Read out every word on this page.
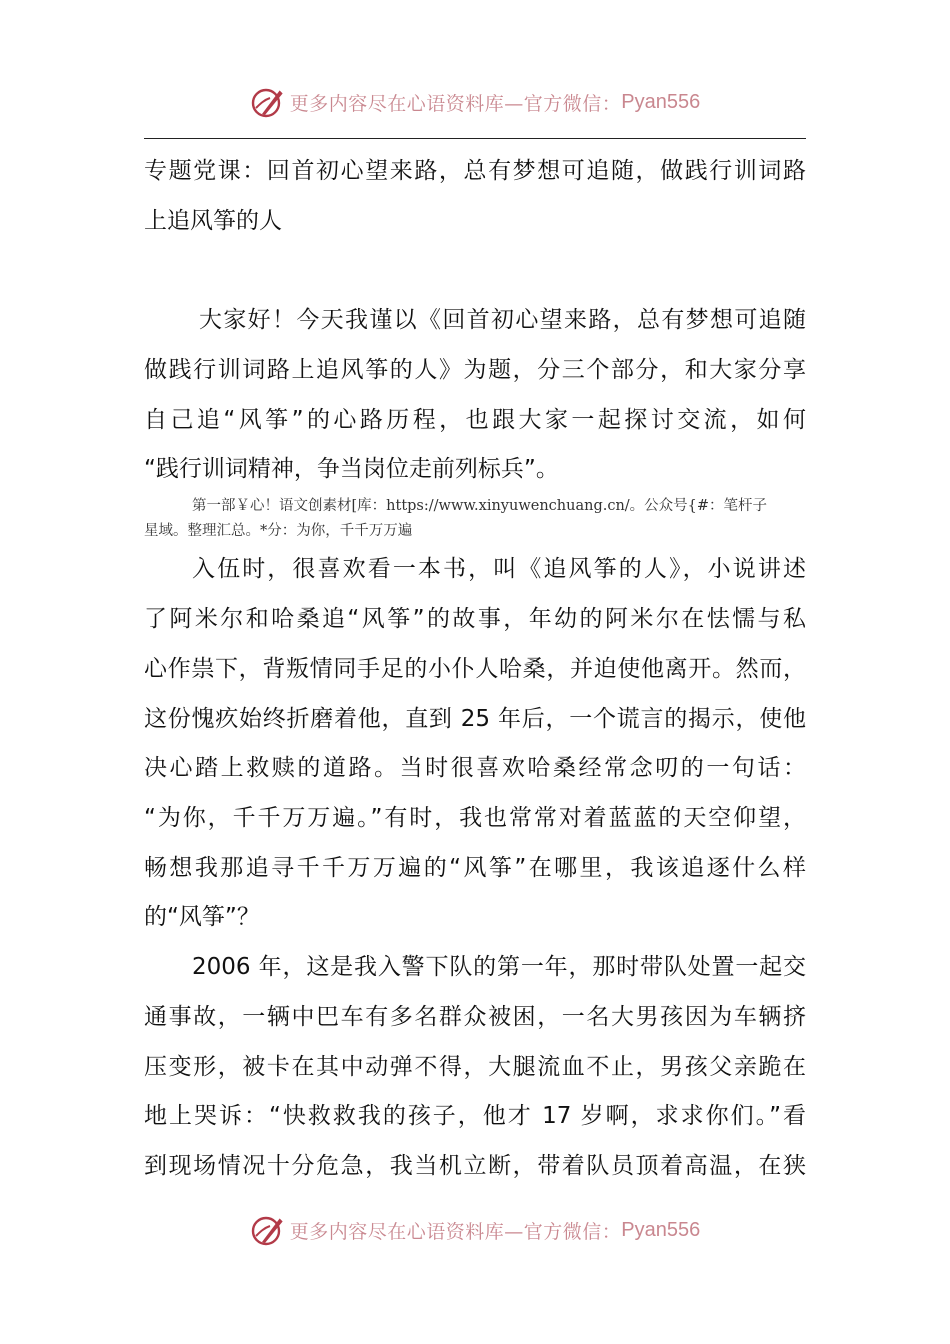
更多内容尽在心语资料库—官方微信： Pyan556
专题党课：回首初心望来路，总有梦想可追随，做践行训词路
上追风筝的人
大家好！今天我谨以《回首初心望来路，总有梦想可追随
做践行训词路上追风筝的人》为题，分三个部分，和大家分享
自己追“风筝”的心路历程，也跟大家一起探讨交流，如何
“践行训词精神，争当岗位走前列标兵”。
第一部￥心！语文创素材[库：https://www.xinyuwenchuang.cn/。公众号{#：笔杆子
星域。整理汇总。*分：为你，千千万万遍
入伍时，很喜欢看一本书，叫《追风筝的人》，小说讲述
了阿米尔和哈桑追“风筝”的故事，年幼的阿米尔在怯懦与私
心作祟下，背叛情同手足的小仆人哈桑，并迫使他离开。然而，
这份愧疚始终折磨着他，直到 25 年后，一个谎言的揭示，使他
决心踏上救赎的道路。当时很喜欢哈桑经常念叨的一句话：
“为你，千千万万遍。”有时，我也常常对着蓝蓝的天空仰望，
畅想我那追寻千千万万遍的“风筝”在哪里，我该追逐什么样
的“风筝”？
2006 年，这是我入警下队的第一年，那时带队处置一起交
通事故，一辆中巴车有多名群众被困，一名大男孩因为车辆挤
压变形，被卡在其中动弹不得，大腿流血不止，男孩父亲跪在
地上哭诉：“快救救我的孩子，他才 17 岁啊，求求你们。”看
到现场情况十分危急，我当机立断，带着队员顶着高温，在狭
更多内容尽在心语资料库—官方微信： Pyan556
